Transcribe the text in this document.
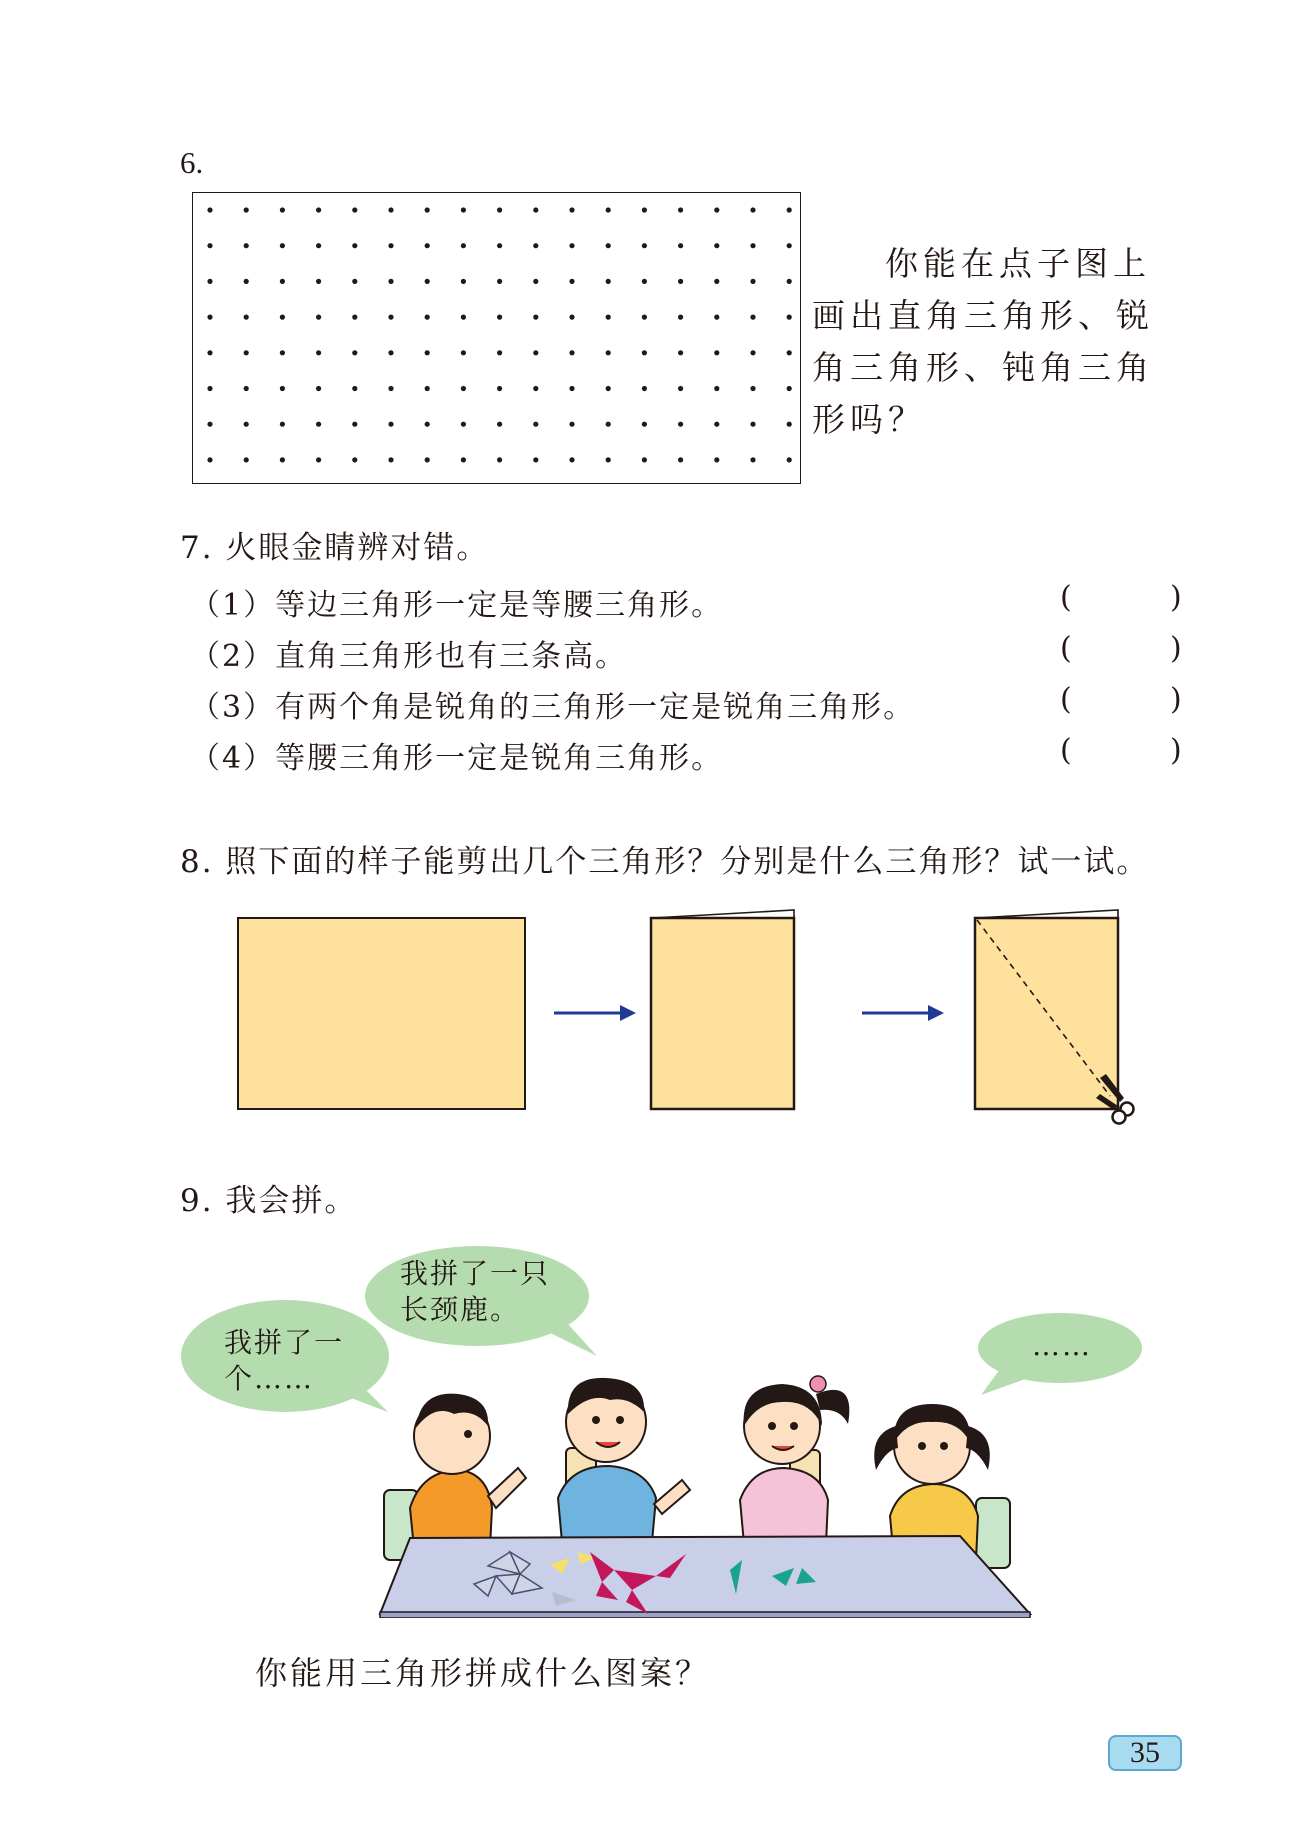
6.

你能在点子图上

画出直角三角形、锐

角三角形、钝角三角

形吗？

7. 火眼金睛辨对错。
（1）等边三角形一定是等腰三角形。	(	)
（2）直角三角形也有三条高。	(	)
（3）有两个角是锐角的三角形一定是锐角三角形。	(	)
（4）等腰三角形一定是锐角三角形。	(	)
8. 照下面的样子能剪出几个三角形？分别是什么三角形？试一试。
9. 我会拼。
我拼了一
个……
我拼了一只
长颈鹿。
……
你能用三角形拼成什么图案？
35
